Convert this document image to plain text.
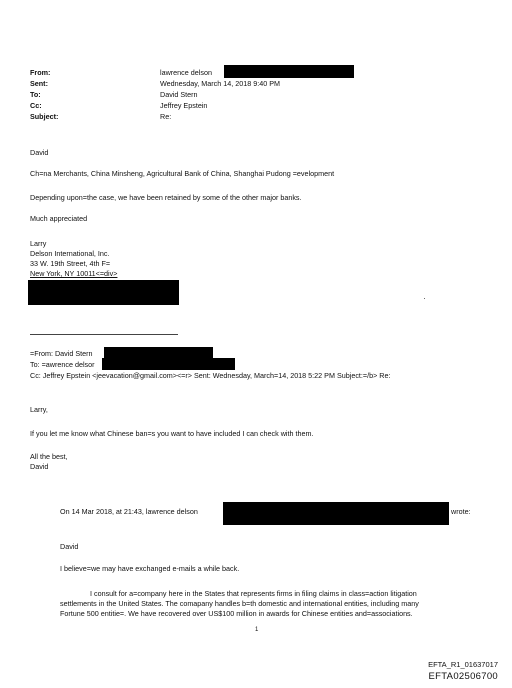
From:
Sent:
To:
Cc:
Subject:
lawrence delson
Wednesday, March 14, 2018 9:40 PM
David Stern
Jeffrey Epstein
Re:
David
Ch=na Merchants, China Minsheng, Agricultural Bank of China, Shanghai Pudong =evelopment
Depending upon=the case, we have been retained by some of the other major banks.
Much appreciated
Larry
Delson International, Inc.
33 W. 19th Street, 4th F=
New York, NY 10011<=div>
=From: David Stern
To: =awrence delsor
Cc: Jeffrey Epstein <jeevacation@gmail.com><=r> Sent: Wednesday, March=14, 2018 5:22 PM Subject:=/b> Re:
Larry,
If you let me know what Chinese ban=s you want to have included I can check with them.
All the best,
David
On 14 Mar 2018, at 21:43, lawrence delson	wrote:
David
I believe=we may have exchanged e-mails a while back.
I consult for a=company here in the States that represents firms in filing claims in class=action litigation
settlements in the United States. The comapany handles b=th domestic and international entities, including many
Fortune 500 entitie=. We have recovered over US$100 million in awards for Chinese entities and=associations.
1
EFTA_R1_01637017
EFTA02506700
